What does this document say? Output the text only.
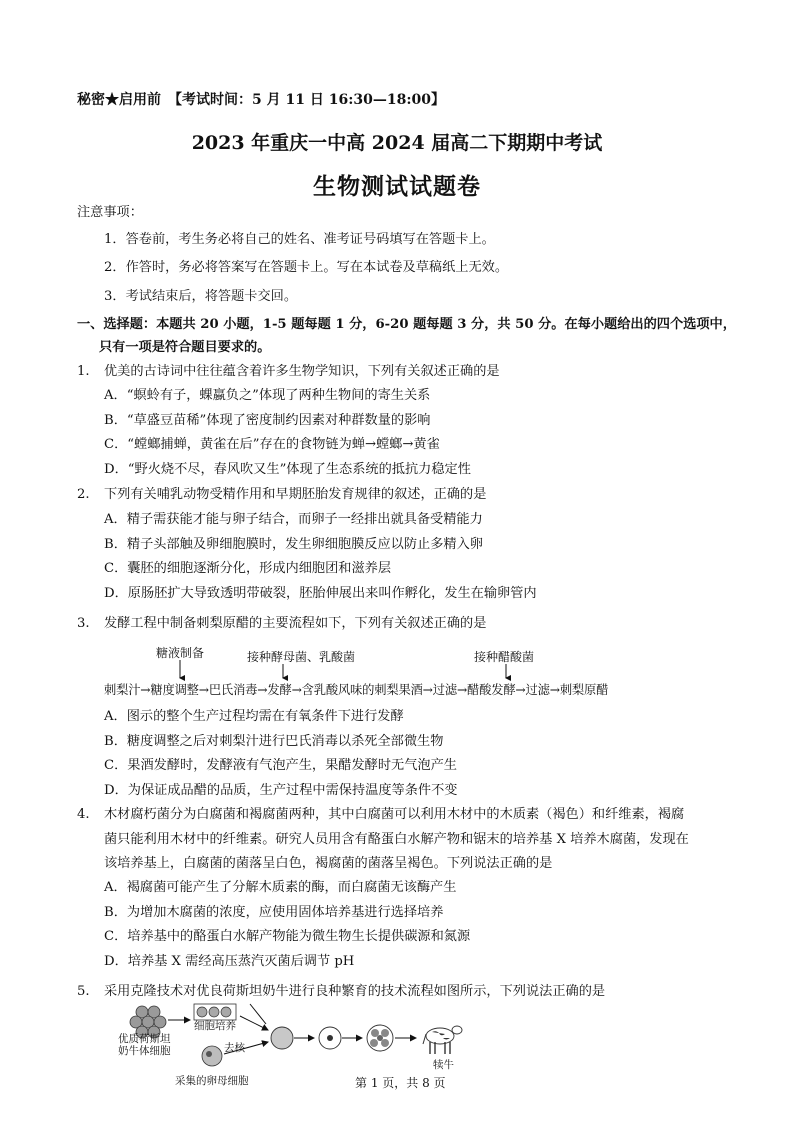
秘密★启用前　【考试时间：5 月 11 日 16:30—18:00】
2023 年重庆一中高 2024 届高二下期期中考试
生物测试试题卷
注意事项：
1．答卷前，考生务必将自己的姓名、准考证号码填写在答题卡上。
2．作答时，务必将答案写在答题卡上。写在本试卷及草稿纸上无效。
3．考试结束后，将答题卡交回。
一、选择题：本题共 20 小题，1-5 题每题 1 分，6-20 题每题 3 分，共 50 分。在每小题给出的四个选项中，
只有一项是符合题目要求的。
1. 优美的古诗词中往往蕴含着许多生物学知识，下列有关叙述正确的是
A．“螟蛉有子，蜾蠃负之”体现了两种生物间的寄生关系
B．“草盛豆苗稀”体现了密度制约因素对种群数量的影响
C．“螳螂捕蝉，黄雀在后”存在的食物链为蝉→螳螂→黄雀
D．“野火烧不尽，春风吹又生”体现了生态系统的抵抗力稳定性
2. 下列有关哺乳动物受精作用和早期胚胎发育规律的叙述，正确的是
A．精子需获能才能与卵子结合，而卵子一经排出就具备受精能力
B．精子头部触及卵细胞膜时，发生卵细胞膜反应以防止多精入卵
C．囊胚的细胞逐渐分化，形成内细胞团和滋养层
D．原肠胚扩大导致透明带破裂，胚胎伸展出来叫作孵化，发生在输卵管内
3. 发酵工程中制备刺梨原醋的主要流程如下，下列有关叙述正确的是
糖液制备	接种酵母菌、乳酸菌	接种醋酸菌
刺梨汁→糖度调整→巴氏消毒→发酵→含乳酸风味的刺梨果酒→过滤→醋酸发酵→过滤→刺梨原醋
A．图示的整个生产过程均需在有氧条件下进行发酵
B．糖度调整之后对刺梨汁进行巴氏消毒以杀死全部微生物
C．果酒发酵时，发酵液有气泡产生，果醋发酵时无气泡产生
D．为保证成品醋的品质，生产过程中需保持温度等条件不变
4. 木材腐朽菌分为白腐菌和褐腐菌两种，其中白腐菌可以利用木材中的木质素（褐色）和纤维素，褐腐
菌只能利用木材中的纤维素。研究人员用含有酪蛋白水解产物和锯末的培养基 X 培养木腐菌，发现在
该培养基上，白腐菌的菌落呈白色，褐腐菌的菌落呈褐色。下列说法正确的是
A．褐腐菌可能产生了分解木质素的酶，而白腐菌无该酶产生
B．为增加木腐菌的浓度，应使用固体培养基进行选择培养
C．培养基中的酪蛋白水解产物能为微生物生长提供碳源和氮源
D．培养基 X 需经高压蒸汽灭菌后调节 pH
5. 采用克隆技术对优良荷斯坦奶牛进行良种繁育的技术流程如图所示，下列说法正确的是
优质荷斯坦
奶牛体细胞
细胞培养
去核
采集的卵母细胞
犊牛
第 1 页，共 8 页
